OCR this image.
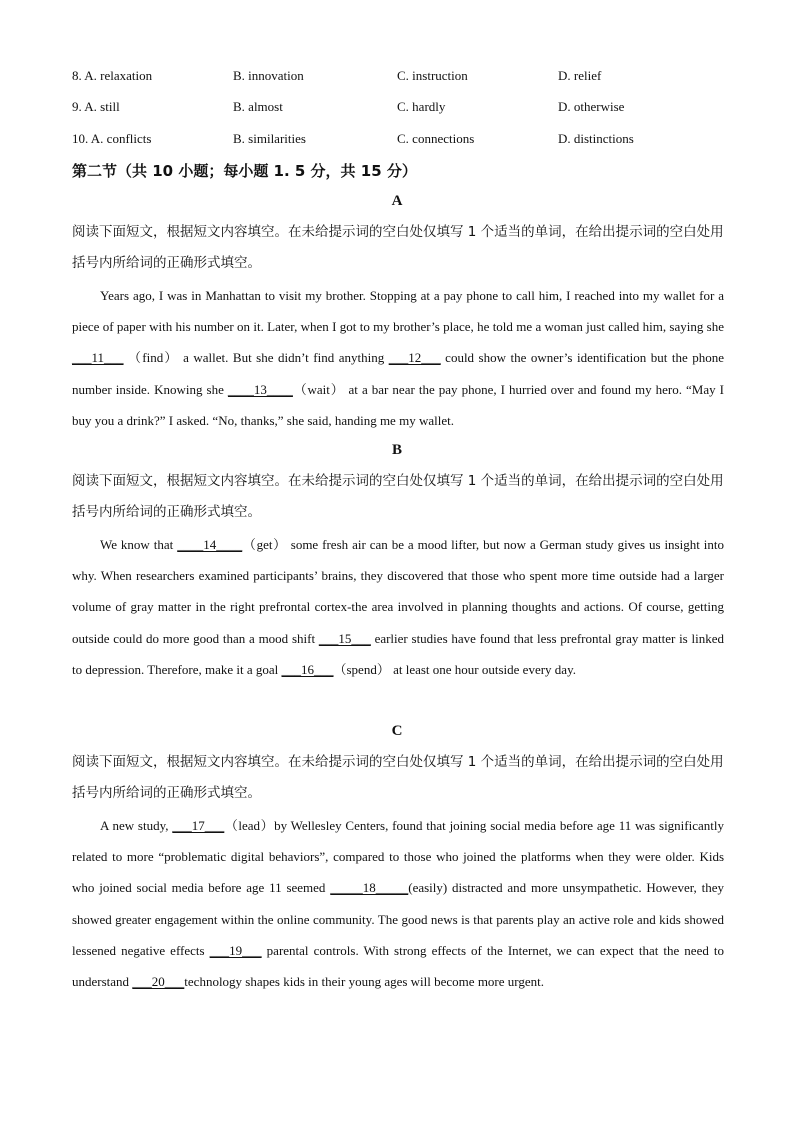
8. A. relaxation	B. innovation	C. instruction	D. relief
9. A. still	B. almost	C. hardly	D. otherwise
10. A. conflicts	B. similarities	C. connections	D. distinctions
第二节（共 10 小题；每小题 1. 5 分，共 15 分）
A
阅读下面短文，根据短文内容填空。在未给提示词的空白处仅填写 1 个适当的单词，在给出提示词的空白处用括号内所给词的正确形式填空。
Years ago, I was in Manhattan to visit my brother. Stopping at a pay phone to call him, I reached into my wallet for a piece of paper with his number on it. Later, when I got to my brother’s place, he told me a woman just called him, saying she ___11___ （find） a wallet. But she didn’t find anything ___12___ could show the owner’s identification but the phone number inside. Knowing she ____13____（wait） at a bar near the pay phone, I hurried over and found my hero. “May I buy you a drink?” I asked. “No, thanks,” she said, handing me my wallet.
B
阅读下面短文，根据短文内容填空。在未给提示词的空白处仅填写 1 个适当的单词，在给出提示词的空白处用括号内所给词的正确形式填空。
We know that ____14____（get） some fresh air can be a mood lifter, but now a German study gives us insight into why. When researchers examined participants’ brains, they discovered that those who spent more time outside had a larger volume of gray matter in the right prefrontal cortex-the area involved in planning thoughts and actions. Of course, getting outside could do more good than a mood shift ___15___ earlier studies have found that less prefrontal gray matter is linked to depression. Therefore, make it a goal ___16___（spend） at least one hour outside every day.
C
阅读下面短文，根据短文内容填空。在未给提示词的空白处仅填写 1 个适当的单词，在给出提示词的空白处用括号内所给词的正确形式填空。
A new study, ___17___（lead）by Wellesley Centers, found that joining social media before age 11 was significantly related to more “problematic digital behaviors”, compared to those who joined the platforms when they were older. Kids who joined social media before age 11 seemed _____18_____(easily) distracted and more unsympathetic. However, they showed greater engagement within the online community. The good news is that parents play an active role and kids showed lessened negative effects ___19___ parental controls. With strong effects of the Internet, we can expect that the need to understand ___20___technology shapes kids in their young ages will become more urgent.
